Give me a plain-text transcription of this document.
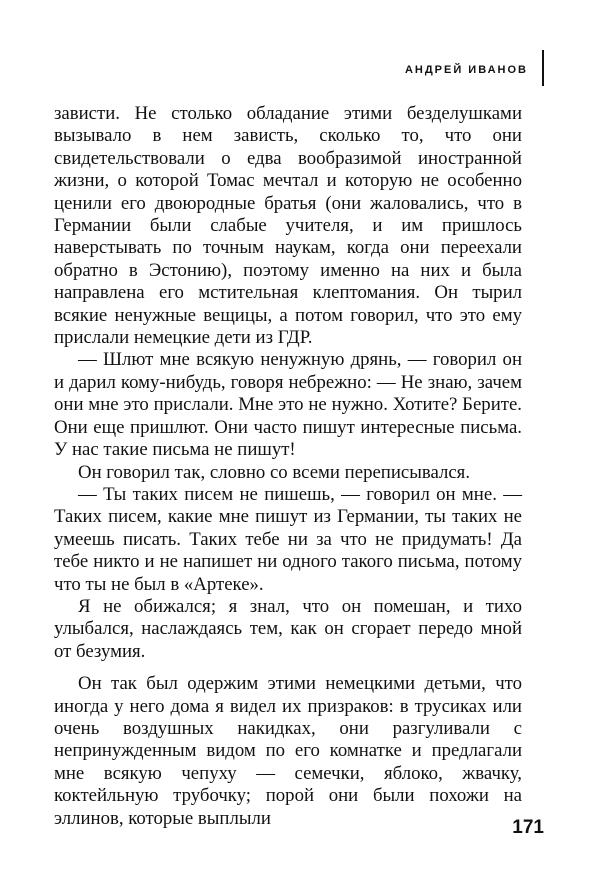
АНДРЕЙ ИВАНОВ

зависти. Не столько обладание этими безделушками вызывало в нем зависть, сколько то, что они свидетельствовали о едва вообразимой иностранной жизни, о которой Томас мечтал и которую не особенно ценили его двоюродные братья (они жаловались, что в Германии были слабые учителя, и им пришлось наверстывать по точным наукам, когда они переехали обратно в Эстонию), поэтому именно на них и была направлена его мстительная клептомания. Он тырил всякие ненужные вещицы, а потом говорил, что это ему прислали немецкие дети из ГДР.

— Шлют мне всякую ненужную дрянь, — говорил он и дарил кому-нибудь, говоря небрежно: — Не знаю, зачем они мне это прислали. Мне это не нужно. Хотите? Берите. Они еще пришлют. Они часто пишут интересные письма. У нас такие письма не пишут!

Он говорил так, словно со всеми переписывался.

— Ты таких писем не пишешь, — говорил он мне. — Таких писем, какие мне пишут из Германии, ты таких не умеешь писать. Таких тебе ни за что не придумать! Да тебе никто и не напишет ни одного такого письма, потому что ты не был в «Артеке».

Я не обижался; я знал, что он помешан, и тихо улыбался, наслаждаясь тем, как он сгорает передо мной от безумия.

Он так был одержим этими немецкими детьми, что иногда у него дома я видел их призраков: в трусиках или очень воздушных накидках, они разгуливали с непринужденным видом по его комнатке и предлагали мне всякую чепуху — семечки, яблоко, жвачку, коктейльную трубочку; порой они были похожи на эллинов, которые выплыли	171
